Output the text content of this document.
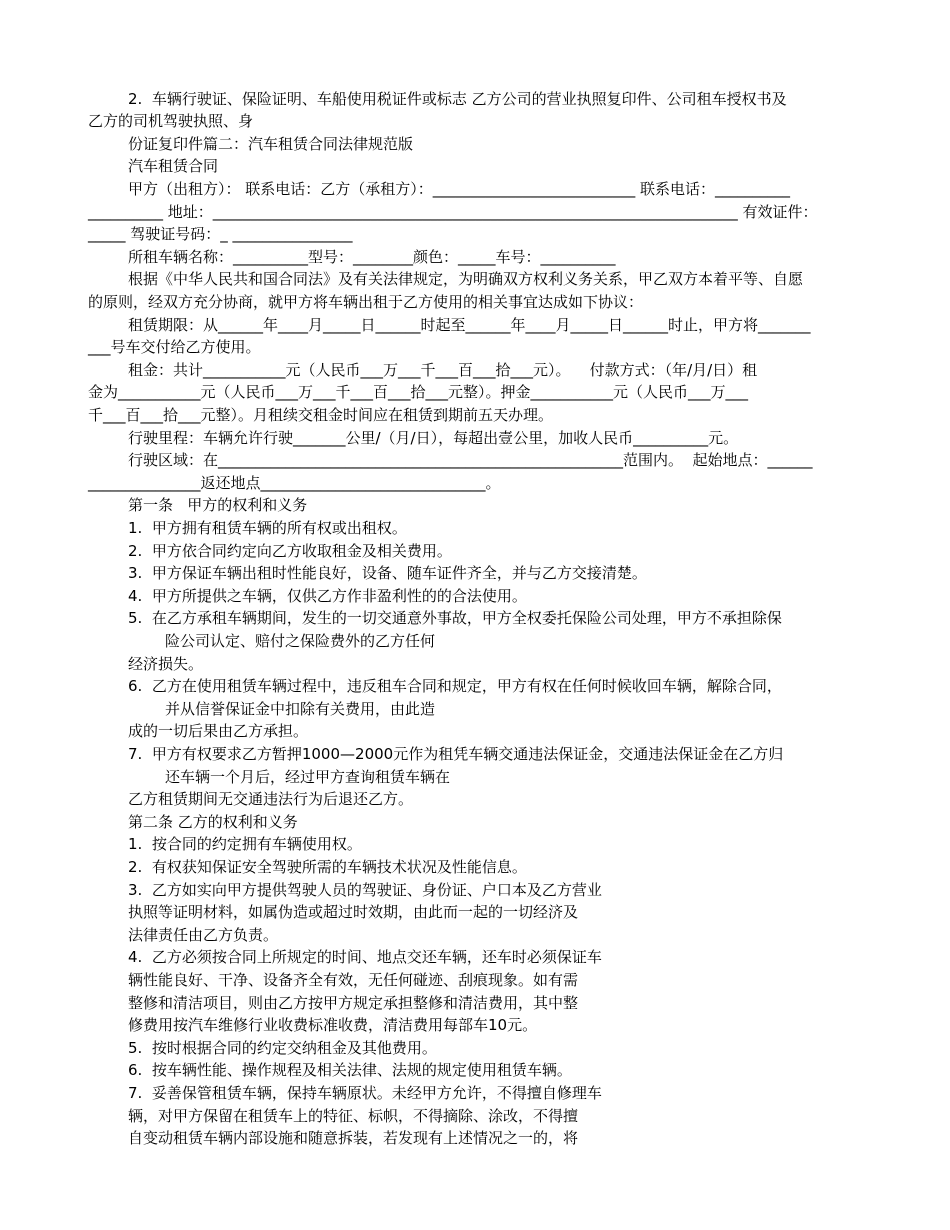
2.  车辆行驶证、保险证明、车船使用税证件或标志 乙方公司的营业执照复印件、公司租车授权书及
乙方的司机驾驶执照、身
份证复印件篇二：汽车租赁合同法律规范版
汽车租赁合同
甲方（出租方）： 联系电话：乙方（承租方）：___________________________ 联系电话：__________
__________ 地址：______________________________________________________________________ 有效证件：
_____ 驾驶证号码：_ ________________
所租车辆名称：__________型号：________颜色：_____车号：__________
根据《中华人民共和国合同法》及有关法律规定，为明确双方权利义务关系，甲乙双方本着平等、自愿
的原则，经双方充分协商，就甲方将车辆出租于乙方使用的相关事宜达成如下协议：
租赁期限：从______年____月_____日______时起至______年____月_____日______时止，甲方将_______
___号车交付给乙方使用。
租金：共计___________元（人民币___万___千___百___拾___元）。    付款方式：（年/月/日）租
金为___________元（人民币___万___千___百___拾___元整）。押金___________元（人民币___万___
千___百___拾___元整）。月租续交租金时间应在租赁到期前五天办理。
行驶里程：车辆允许行驶_______公里/（月/日），每超出壹公里，加收人民币__________元。
行驶区域：在______________________________________________________范围内。  起始地点：______
_______________返还地点______________________________。
第一条   甲方的权利和义务
1.  甲方拥有租赁车辆的所有权或出租权。
2.  甲方依合同约定向乙方收取租金及相关费用。
3.  甲方保证车辆出租时性能良好，设备、随车证件齐全，并与乙方交接清楚。
4.  甲方所提供之车辆，仅供乙方作非盈利性的的合法使用。
5.  在乙方承租车辆期间，发生的一切交通意外事故，甲方全权委托保险公司处理，甲方不承担除保
险公司认定、赔付之保险费外的乙方任何
经济损失。
6.  乙方在使用租赁车辆过程中，违反租车合同和规定，甲方有权在任何时候收回车辆，解除合同，
并从信誉保证金中扣除有关费用，由此造
成的一切后果由乙方承担。
7.  甲方有权要求乙方暂押1000—2000元作为租凭车辆交通违法保证金，交通违法保证金在乙方归
还车辆一个月后，经过甲方查询租赁车辆在
乙方租赁期间无交通违法行为后退还乙方。
第二条 乙方的权利和义务
1.  按合同的约定拥有车辆使用权。
2.  有权获知保证安全驾驶所需的车辆技术状况及性能信息。
3.  乙方如实向甲方提供驾驶人员的驾驶证、身份证、户口本及乙方营业
执照等证明材料，如属伪造或超过时效期，由此而一起的一切经济及
法律责任由乙方负责。
4.  乙方必须按合同上所规定的时间、地点交还车辆，还车时必须保证车
辆性能良好、干净、设备齐全有效，无任何碰迹、刮痕现象。如有需
整修和清洁项目，则由乙方按甲方规定承担整修和清洁费用，其中整
修费用按汽车维修行业收费标准收费，清洁费用每部车10元。
5.  按时根据合同的约定交纳租金及其他费用。
6.  按车辆性能、操作规程及相关法律、法规的规定使用租赁车辆。
7.  妥善保管租赁车辆，保持车辆原状。未经甲方允许，不得擅自修理车
辆，对甲方保留在租赁车上的特征、标帜，不得摘除、涂改，不得擅
自变动租赁车辆内部设施和随意拆装，若发现有上述情况之一的，将
